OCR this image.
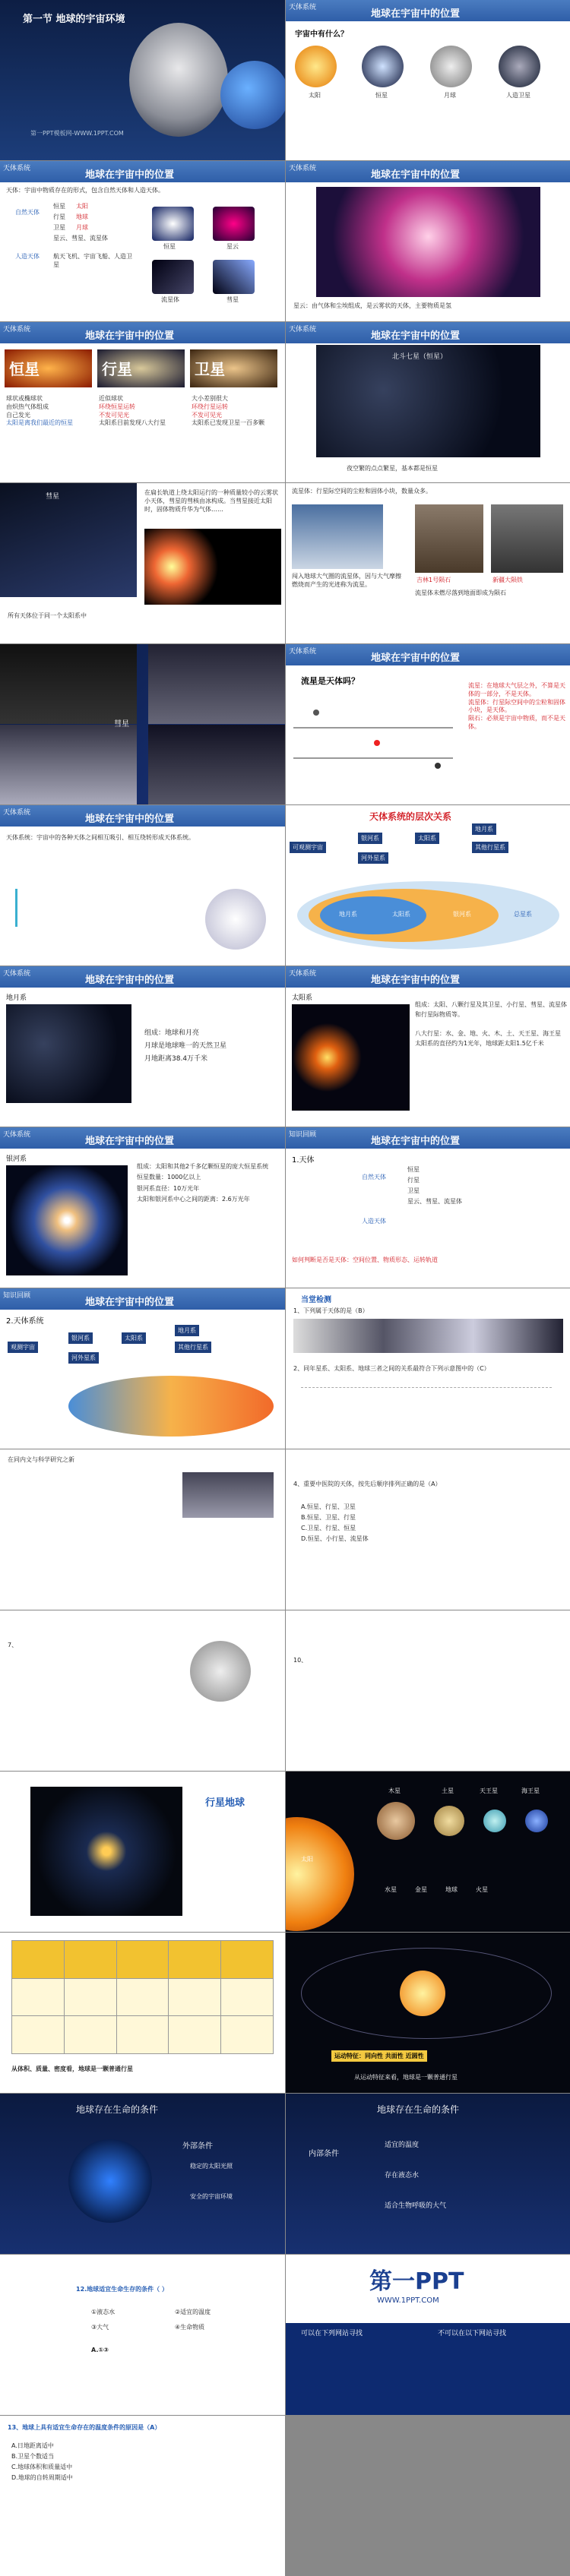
第一节 地球的宇宙环境
第一PPT模板网-WWW.1PPT.COM
天体系统
地球在宇宙中的位置
宇宙中有什么？
太阳	恒星	月球	人造卫星
天体系统
地球在宇宙中的位置
天体：宇宙中物质存在的形式，包含自然天体和人造天体。
自然天体
恒星 太阳
行星 地球
卫星 月球
星云、彗星、流星体
人造天体 航天飞机、宇宙飞船、人造卫星
恒星	星云
流星体	彗星
天体系统
地球在宇宙中的位置
星云：由气体和尘埃组成，是云雾状的天体，主要物质是氢
天体系统
地球在宇宙中的位置
恒星	行星	卫星
球状或椭球状
由炽热气体组成
自己发光
太阳是离我们最近的恒星
近似球状
环绕恒星运转
不发可见光
太阳系目前发现八大行星
大小差别很大
环绕行星运转
不发可见光
太阳系已发现卫星一百多颗
天体系统
地球在宇宙中的位置
北斗七星（恒星）
夜空繁的点点繁星，基本都是恒星
彗星
在扁长轨道上绕太阳运行的一种质量较小的云雾状小天体，彗星的彗核由冰构成。当彗星接近太阳时，固体物质升华为气体……
所有天体位于同一个太阳系中
流星体：行星际空间的尘粒和固体小块，数量众多。
闯入地球大气圈的流星体，因与大气摩擦燃烧而产生的光迹称为流星。
吉林1号陨石	新疆大陨铁
流星体未燃尽落到地面即成为陨石
彗星
天体系统
地球在宇宙中的位置
流星是天体吗？	流星：在地球大气层之外，不算是天体的一部分，不是天体。
流星体：行星际空间中的尘粒和固体小块，是天体。
陨石：必须是宇宙中物质，而不是天体。
天体系统
地球在宇宙中的位置
天体系统：宇宙中的各种天体之间相互吸引、相互绕转形成天体系统。
天体系统的层次关系
可观测宇宙
银河系
河外星系
太阳系
地月系
其他行星系
地月系	太阳系	银河系	总星系
天体系统
地球在宇宙中的位置
地月系
组成：地球和月亮
月球是地球唯一的天然卫星
月地距离38.4万千米
天体系统
地球在宇宙中的位置
太阳系
组成：太阳、八颗行星及其卫星、小行星、彗星、流星体和行星际物质等。

八大行星：水、金、地、火、木、土、天王星、海王星
太阳系的直径约为1光年，地球距太阳1.5亿千米
天体系统
地球在宇宙中的位置
银河系
组成：太阳和其他2千多亿颗恒星的庞大恒星系统
恒星数量：1000亿以上
银河系直径：10万光年
太阳和银河系中心之间的距离：2.6万光年
知识回顾
地球在宇宙中的位置
1.天体
自然天体
恒星
行星
卫星
星云、彗星、流星体
人造天体
如何判断是否是天体：空间位置、物质形态、运转轨道
知识回顾
地球在宇宙中的位置
2.天体系统
观测宇宙
银河系	太阳系
地月系
其他行星系
河外星系
当堂检测
1、下列属于天体的是（B）
2、同年星系、太阳系、地球三者之间的关系最符合下列示意图中的（C）
在同内文与科学研究之新
4、重要中医院的天体，按先后顺序排列正确的是（A）
A.恒星、行星、卫星
B.恒星、卫星、行星
C.卫星、行星、恒星
D.恒星、小行星、流星体
7、
10、
行星地球
太阳
木星	土星	天王星	海王星
火星
地球
金星
水星

从体积、质量、密度看，地球是一颗普通行星
运动特征：同向性 共面性 近圆性
从运动特征来看，地球是一颗普通行星
地球存在生命的条件
外部条件
稳定的太阳光照
安全的宇宙环境
地球存在生命的条件
内部条件
适宜的温度
存在液态水
适合生物呼吸的大气
12.地球适宜生命生存的条件（ ）
①液态水	②适宜的温度
③大气	④生命物质
A.①③
第一PPT
WWW.1PPT.COM
可以在下列网站寻找	不可以在以下网站寻找
13、地球上具有适宜生命存在的温度条件的原因是（A）
A.日地距离适中
B.卫星个数适当
C.地球体积和质量适中
D.地球的自转周期适中
